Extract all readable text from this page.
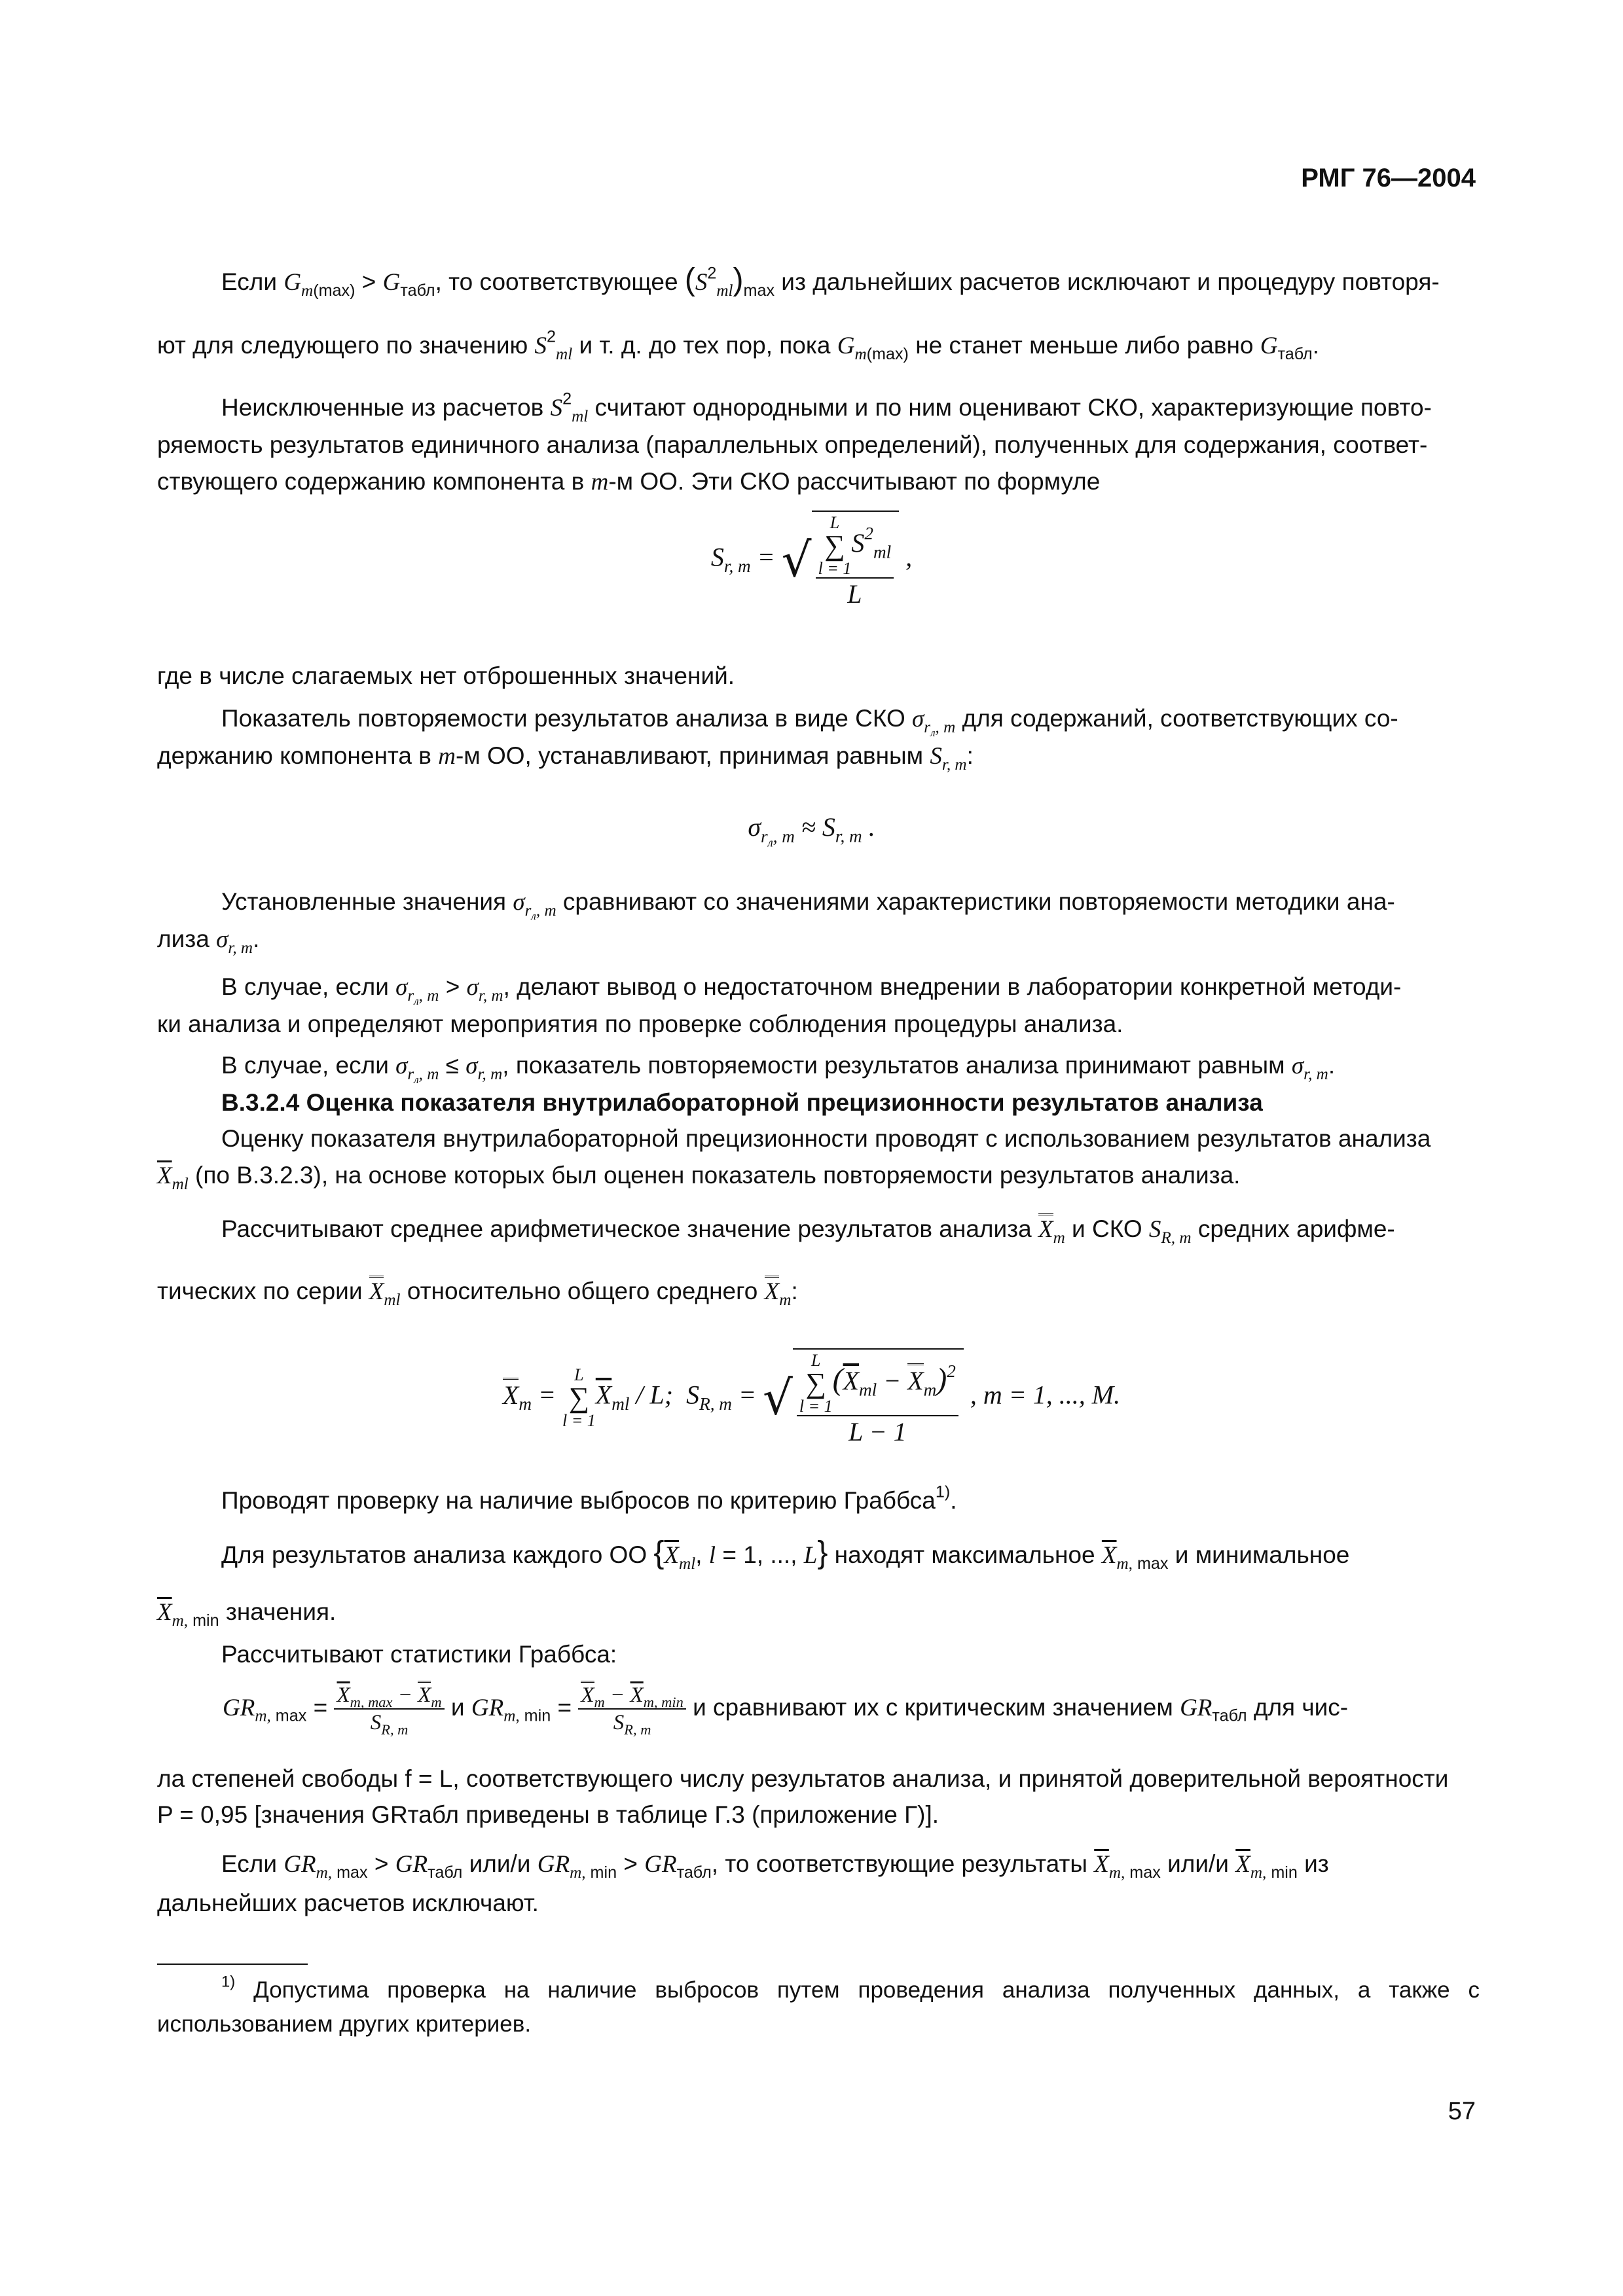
РМГ 76—2004
Если $G_{m(max)} > G_{табл}$, то соответствующее $(S^2_{ml})_{max}$ из дальнейших расчетов исключают и процедуру повторя-
ют для следующего по значению $S^2_{ml}$ и т. д. до тех пор, пока $G_{m(max)}$ не станет меньше либо равно $G_{табл}$.
Неисключенные из расчетов $S^2_{ml}$ считают однородными и по ним оценивают СКО, характеризующие повто-
ряемость результатов единичного анализа (параллельных определений), полученных для содержания, соответ-
ствующего содержанию компонента в m-м ОО. Эти СКО рассчитывают по формуле
$S_{r, m}$ = √ L
∑
l = 1
$S^2_{ml}$
L ,
где в числе слагаемых нет отброшенных значений.
Показатель повторяемости результатов анализа в виде СКО $\sigma_{r_л, m}$ для содержаний, соответствующих со-
держанию компонента в m-м ОО, устанавливают, принимая равным $S_{r, m}$:
$\sigma_{r_л, m} \approx S_{r, m}$ .
Установленные значения $\sigma_{r_л, m}$ сравнивают со значениями характеристики повторяемости методики ана-
лиза $\sigma_{r, m}$.
В случае, если $\sigma_{r_л, m} > \sigma_{r, m}$, делают вывод о недостаточном внедрении в лаборатории конкретной методи-
ки анализа и определяют мероприятия по проверке соблюдения процедуры анализа.
В случае, если $\sigma_{r_л, m} \le \sigma_{r, m}$, показатель повторяемости результатов анализа принимают равным $\sigma_{r, m}$.
В.3.2.4 Оценка показателя внутрилабораторной прецизионности результатов анализа
Оценку показателя внутрилабораторной прецизионности проводят с использованием результатов анализа
$\overline{X}_{ml}$ (по В.3.2.3), на основе которых был оценен показатель повторяемости результатов анализа.
Рассчитывают среднее арифметическое значение результатов анализа $X_m$ и СКО $S_{R, m}$ средних арифме-
тических по серии $X_{ml}$ относительно общего среднего $X_m$:
$X_m$ =
L
∑
l = 1
$\overline{X}_{ml}$ / L;  $S_{R, m}$ = √ L
∑
l = 1
$(\overline{X}_{ml} - X_m)^2$
L − 1 , m = 1, ..., M.
Проводят проверку на наличие выбросов по критерию Граббса$^{1)}$.
Для результатов анализа каждого ОО {$\overline{X}_{ml}$, l = 1, ..., L} находят максимальное $\overline{X}_{m,}$ $_{max}$ и минимальное
$\overline{X}_{m,}$ $_{min}$ значения.
Рассчитывают статистики Граббса:
$GR_{m,}$ $_{max} = \frac{\overline{X}_{m, max} - X_m}{S_{R, m}}$ и $GR_{m,}$ $_{min} = \frac{X_m - \overline{X}_{m, min}}{S_{R, m}}$ и сравнивают их с критическим значением $GR_{табл}$ для чис-
ла степеней свободы f = L, соответствующего числу результатов анализа, и принятой доверительной вероятности
P = 0,95 [значения GRтабл приведены в таблице Г.3 (приложение Г)].
Если $GR_{m,}$ $_{max} > GR_{табл}$ или/и $GR_{m,}$ $_{min} > GR_{табл}$, то соответствующие результаты $\overline{X}_{m,}$ $_{max}$ или/и $\overline{X}_{m,}$ $_{min}$ из
дальнейших расчетов исключают.
$^{1)}$ Допустима проверка на наличие выбросов путем проведения анализа полученных данных, а также с использованием других критериев.
57
